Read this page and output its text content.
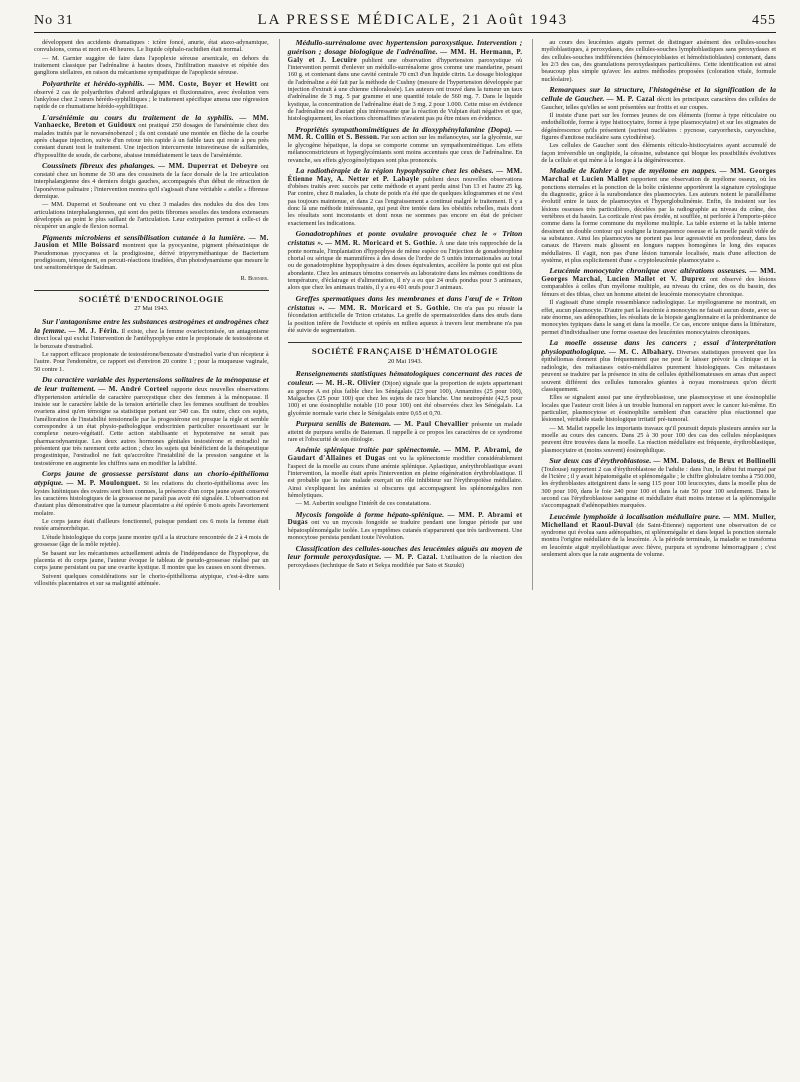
No 31	LA PRESSE MÉDICALE, 21 Août 1943	455

développent des accidents dramatiques : ictère foncé, anurie, état ataxo-adynamique, convulsions, coma et mort en 48 heures. Le liquide céphalo-rachidien était normal.

— M. Garnier suggère de faire dans l'apoplexie séreuse arsenicale, en dehors du traitement classique par l'adrénaline à hautes doses, l'infiltration massive et répétée des ganglions stellaires, en raison du mécanisme sympathique de l'apoplexie séreuse.

Polyarthrite et hérédo-syphilis. — MM. Coste, Boyer et Hewitt ont observé 2 cas de polyarthrites d'abord arthralgiques et fluxionnaires, avec évolution vers l'ankylose chez 2 sœurs hérédo-syphilitiques ; le traitement spécifique amena une régression rapide de ce rhumatisme hérédo-syphilitique.

L'arséniémie au cours du traitement de la syphilis. — MM. Vanhaecke, Breton et Guidoux ont pratiqué 250 dosages de l'arséniémie chez des malades traités par le novarsénobenzol ; ils ont constaté une montée en flèche de la courbe après chaque injection, suivie d'un retour très rapide à un faible taux qui reste à peu près constant durant tout le traitement. Une injection intercurrente intraveineuse de sulfamides, d'hyposulfite de soude, de carbone, abaisse immédiatement le taux de l'arséniémie.

Coussinets fibreux des phalanges. — MM. Duperrat et Debeyre ont constaté chez un homme de 30 ans des coussinets de la face dorsale de la 1re articulation interphalangienne des 4 derniers doigts gauches, accompagnés d'un début de rétraction de l'aponévrose palmaire ; l'intervention montra qu'il s'agissait d'une véritable « atelle » fibreuse dermique.

— MM. Duperrat et Soubreane ont vu chez 3 malades des nodules du dos des 1res articulations interphalangiennes, qui sont des petits fibromes sessiles des tendons extenseurs développés au point le plus saillant de l'articulation. Leur extirpation permet à celle-ci de récupérer un angle de flexion normal.

Pigments microbiens et sensibilisation cutanée à la lumière. — M. Jausion et Mlle Boissard montrent que la pyocyanine, pigment phénazinique de Pseudomonas pyocyanea et la prodigiosine, dérivé tripyrryméthanique de Bacterium prodigiosum, témoignent, en percuti-réactions itradiées, d'un photodynamisme que mesure le test sensitométrique de Saidman.

R. Burnier.
SOCIÉTÉ D'ENDOCRINOLOGIE
27 Mai 1943.

Sur l'antagonisme entre les substances œstrogènes et androgènes chez la femme. — M. J. Férin. Il existe, chez la femme ovariectomisée, un antagonisme direct local qui exclut l'intervention de l'antéhypophyse entre le propionate de testostérone et le benzoate d'œstradiol.

Le rapport efficace propionate de testostérone/benzoate d'œstradiol varie d'un récepteur à l'autre. Pour l'endomètre, ce rapport est d'environ 20 contre 1 ; pour la muqueuse vaginale, 50 contre 1.

Du caractère variable des hypertensions solitaires de la ménopause et de leur traitement. — M. André Corteel rapporte deux nouvelles observations d'hypertension artérielle de caractère paroxystique chez des femmes à la ménopause. Il insiste sur le caractère labile de la tension artérielle chez les femmes souffrant de troubles ovariens ainsi qu'en témoigne sa statistique portant sur 340 cas. En outre, chez ces sujets, l'amélioration de l'instabilité tensionnelle par la progestérone est presque la règle et semble correspondre à un état physio-pathologique endocrinien particulier ressortissant sur le complexe neuro-végétatif. Cette action stabilisante et hypotensive ne serait pas pharmacodynamique. Les deux autres hormones génitales testostérone et œstradiol ne présentent que très rarement cette action ; chez les sujets qui bénéficient de la thérapeutique progestinique, l'œstradiol ne fait qu'accroître l'instabilité de la pression sanguine et la testostérone en augmente les chiffres sans en modifier la labilité.

Corps jaune de grossesse persistant dans un chorio-épithélioma atypique. — M. P. Moulonguet. Si les relations du chorio-épithélioma avec les kystes lutéiniques des ovaires sont bien connues, la présence d'un corps jaune ayant conservé les caractères histologiques de la grossesse ne paraît pas avoir été signalée. L'observation est d'autant plus démonstrative que la tumeur placentaire a été opérée 6 mois après l'avortement molaire.

Le corps jaune était d'ailleurs fonctionnel, puisque pendant ces 6 mois la femme était restée aménorrhéique.

L'étude histologique du corps jaune montre qu'il a la structure rencontrée de 2 à 4 mois de grossesse (âge de la môle rejetée).

Se basant sur les mécanismes actuellement admis de l'indépendance de l'hypophyse, du placenta et du corps jaune, l'auteur évoque le tableau de pseudo-grossesse réalisé par un corps jaune persistant ou par une ovarite kystique. Il montre que les causes en sont diverses.

Suivent quelques considérations sur le chorio-épithélioma atypique, c'est-à-dire sans villosités placentaires et sur sa malignité atténuée.

Médullo-surrénalome avec hypertension paroxystique. Intervention ; guérison ; dosage biologique de l'adrénaline. — MM. H. Hermann, P. Galy et J. Lecuire publient une observation d'hypertension paroxystique où l'intervention permit d'enlever un médullo-surrénalome gros comme une mandarine, pesant 160 g. et contenant dans une cavité centrale 70 cm3 d'un liquide citrin. Le dosage biologique de l'adrénaline a été fait par la méthode de Cushny (mesure de l'hypertension développée par injection d'extrait à une chienne chloralosée). Les auteurs ont trouvé dans la tumeur un taux d'adrénaline de 3 mg. 5 par gramme et une quantité totale de 560 mg. 7. Dans le liquide kystique, la concentration de l'adrénaline était de 3 mg. 2 pour 1.000. Cette mise en évidence de l'adrénaline est d'autant plus intéressante que la réaction de Vulpian était négative et que, histologiquement, les réactions chromaffines n'avaient pas pu être mises en évidence.

Propriétés sympathomimétiques de la dioxyphénylalanine (Dopa). — MM. R. Collin et S. Besson. Par son action sur les mélanocytes, sur la glycémie, sur le glycogène hépatique, la dopa se comporte comme un sympathomimétique. Les effets mélanoconstricteurs et hyperglycémiants sont moins accentués que ceux de l'adrénaline. En revanche, ses effets glycogénolytiques sont plus prononcés.

La radiothérapie de la région hypophysaire chez les obèses. — MM. Étienne May, A. Netter et P. Labayle publient deux nouvelles observations d'obèses traités avec succès par cette méthode et ayant perdu ainsi l'un 13 et l'autre 25 kg. Par contre, chez 8 malades, la chute de poids n'a été que de quelques kilogrammes et ne s'est pas toujours maintenue, et dans 2 cas l'engraissement a continué malgré le traitement. Il y a donc là une méthode intéressante, qui peut être tentée dans les obésités rebelles, mais dont les résultats sont inconstants et dont nous ne sommes pas encore en état de préciser exactement les indications.

Gonadotrophines et ponte ovulaire provoquée chez le « Triton cristatus ». — MM. R. Moricard et S. Gothie. À une date très rapprochée de la ponte normale, l'implantation d'hypophyse de même espèce ou l'injection de gonadotrophine chorial ou sérique de mammifères à des doses de l'ordre de 5 unités internationales au total ou de gonadotrophine hypophysaire à des doses équivalentes, accélère la ponte qui est plus abondante. Chez les animaux témoins conservés au laboratoire dans les mêmes conditions de température, d'éclairage et d'alimentation, il n'y a eu que 24 œufs pondus pour 3 animaux, alors que chez les animaux traités, il y a eu 401 œufs pour 3 animaux.

Greffes spermatiques dans les membranes et dans l'œuf de « Triton cristatus ». — MM. R. Moricard et S. Gothie. On n'a pas pu réussir la fécondation artificielle de Triton cristatus. La greffe de spermatozoïdes dans des œufs dans la position infère de l'oviducte et opérés en milieu aqueux à travers leur membrane n'a pas été suivie de segmentation.

SOCIÉTÉ FRANÇAISE D'HÉMATOLOGIE
20 Mai 1943.

Renseignements statistiques hématologiques concernant des races de couleur. — M. H.-R. Olivier (Dijon) signale que la proportion de sujets appartenant au groupe A est plus faible chez les Sénégalais (23 pour 100), Annamites (25 pour 100), Malgaches (25 pour 100) que chez les sujets de race blanche. Une neutropénie (42,5 pour 100) et une éosinophilie notable (10 pour 100) ont été observées chez les Sénégalais. La glycémie normale varie chez le Sénégalais entre 0,65 et 0,70.

Purpura senilis de Bateman. — M. Paul Chevallier présente un malade atteint de purpura senilis de Bateman. Il rappelle à ce propos les caractères de ce syndrome rare et l'obscurité de son étiologie.

Anémie splénique traitée par splénectomie. — MM. P. Abrami, de Gaudart d'Allaines et Dugas ont vu la splénectomie modifier considérablement l'aspect de la moelle au cours d'une anémie splénique. Aplastique, anérythroblastique avant l'intervention, la moelle était après l'intervention en pleine régénération érythroblastique. Il est probable que la rate malade exerçait un rôle inhibiteur sur l'érythropoïèse médullaire. Ainsi s'expliquent les anémies si obscures qui accompagnent les splénomégalies non hémolytiques.

— M. Aubertin souligne l'intérêt de ces constatations.

Mycosis fongoïde à forme hépato-splénique. — MM. P. Abrami et Dugas ont vu un mycosis fongoïde se traduire pendant une longue période par une hépatosplénomégalie isolée. Les symptômes cutanés n'apparurent que très tardivement. Une monocytose persista pendant toute l'évolution.

Classification des cellules-souches des leucémies aiguës au moyen de leur formule peroxydasique. — M. P. Cazal. L'utilisation de la réaction des peroxydases (technique de Sato et Sekya modifiée par Sato et Suzuki)

au cours des leucémies aiguës permet de distinguer aisément des cellules-souches myéloblastiques, à peroxydases, des cellules-souches lymphoblastiques sans peroxydases et des cellules-souches indifférenciées (hémocytoblastes et hémohistioblastes) contenant, dans les 2/3 des cas, des granulations peroxydasiques particulières. Cette identification est ainsi beaucoup plus simple qu'avec les autres méthodes proposées (coloration vitale, formule nucléolaire).

Remarques sur la structure, l'histogénèse et la signification de la cellule de Gaucher. — M. P. Cazal décrit les principaux caractères des cellules de Gaucher, telles qu'elles se sont présentées sur frottis et sur coupes.

Il insiste d'une part sur les formes jeunes de ces éléments (forme à type réticulaire ou endothélioïde, forme à type histiocytaire, forme à type plasmocytaire) et sur les stigmates de dégénérescence qu'ils présentent (surtout nucléaires : pycnose, caryorrhexis, caryoschise, figures d'amitose nucléaire sans cytodiérèse).

Les cellules de Gaucher sont des éléments réticulo-histiocytaires ayant accumulé de façon irréversible un onglipide, la cérasine, substance qui bloque les possibilités évolutives de la cellule et qui mène à la longue à la dégénérescence.

Maladie de Kahler à type de myélome en nappes. — MM. Georges Marchal et Lucien Mallet rapportent une observation de myélome osseux, où les ponctions sternales et la ponction de la boîte crânienne apportèrent la signature cytologique du diagnostic, grâce à la surabondance des plasmocytes. Les auteurs notent le parallélisme évolutif entre le taux de plasmocytes et l'hyperglobulinémie. Enfin, ils insistent sur les lésions osseuses très particulières, décelées par la radiographie au niveau du crâne, des vertèbres et du bassin. La corticale n'est pas érodée, ni soufflée, ni perforée à l'emporte-pièce comme dans la forme commune du myélome multiple. La table externe et la table interne dessinent un double contour qui souligne la transparence osseuse et la moelle paraît vidée de sa substance. Ainsi les plasmocytes ne portent pas leur agressivité en profondeur, dans les canaux de Havers mais glissent en longues nappes homogènes le long des espaces médullaires. Il s'agit, non pas d'une lésion tumorale localisée, mais d'une affection de système, et plus explicitement d'une « cryptoleucémie plasmocytaire ».

Leucémie monocytaire chronique avec altérations osseuses. — MM. Georges Marchal, Lucien Mallet et V. Duprez ont observé des lésions comparables à celles d'un myélome multiple, au niveau du crâne, des os du bassin, des fémurs et des tibias, chez un homme atteint de leucémie monocytaire chronique.

Il s'agissait d'une simple ressemblance radiologique. Le myélogramme ne montrait, en effet, aucun plasmocyte. D'autre part la leucémie à monocytes ne faisait aucun doute, avec sa rate énorme, ses adénopathies, les résultats de la biopsie ganglionnaire et la prédominance de monocytes typiques dans le sang et dans la moelle. Ce cas, encore unique dans la littérature, permet d'individualiser une forme osseuse des leucémies monocytaires chroniques.

La moelle osseuse dans les cancers ; essai d'interprétation physiopathologique. — M. C. Albahary. Diverses statistiques prouvent que les épithéliomas donnent plus fréquemment que ne peut le laisser prévoir la clinique et la radiologie, des métastases ostéo-médullaires purement histologiques. Ces métastases peuvent se traduire par la présence in situ de cellules épithéliomateuses en amas d'un aspect souvent différent des cellules tumorales géantes à noyau monstrueux qu'on décrit classiquement.

Elles se signalent aussi par une érythroblastose, une plasmocytose et une éosinophilie locales que l'auteur croit liées à un trouble humoral en rapport avec le cancer lui-même. En particulier, plasmocytose et éosinophilie semblent d'un caractère plus réactionnel que lésionnel, véritable stade histologique irritatif pré-tumoral.

— M. Mallet rappelle les importants travaux qu'il poursuit depuis plusieurs années sur la moelle au cours des cancers. Dans 25 à 30 pour 100 des cas des cellules néoplasiques peuvent être trouvées dans la moelle. La réaction médullaire est fréquente, érythroblastique, plasmocytaire et (moins souvent) éosinophilique.

Sur deux cas d'érythroblastose. — MM. Dalous, de Brux et Bollinelli (Toulouse) rapportent 2 cas d'érythroblastose de l'adulte : dans l'un, le début fut marqué par de l'ictère ; il y avait hépatomégalie et splénomégalie ; le chiffre globulaire tomba à 750.000, les érythroblastes atteignirent dans le sang 115 pour 100 leucocytes, dans la moelle plus de 300 pour 100, dans le foie 240 pour 100 et dans la rate 50 pour 100 seulement. Dans le second cas l'érythroblastose sanguine et médullaire était moins intense et la splénomégalie s'accompagnait d'adénopathies marquées.

Leucémie lymphoïde à localisation médullaire pure. — MM. Muller, Michelland et Raoul-Duval (de Saint-Étienne) rapportent une observation de ce syndrome qui évolua sans adénopathies, ni splénomégalie et dans lequel la ponction sternale montra l'origine médullaire de la leucémie. À la période terminale, la maladie se transforma en leucémie aiguë myéloblastique avec fièvre, purpura et syndrome hémorragipare ; c'est seulement alors que la rate augmenta de volume.
